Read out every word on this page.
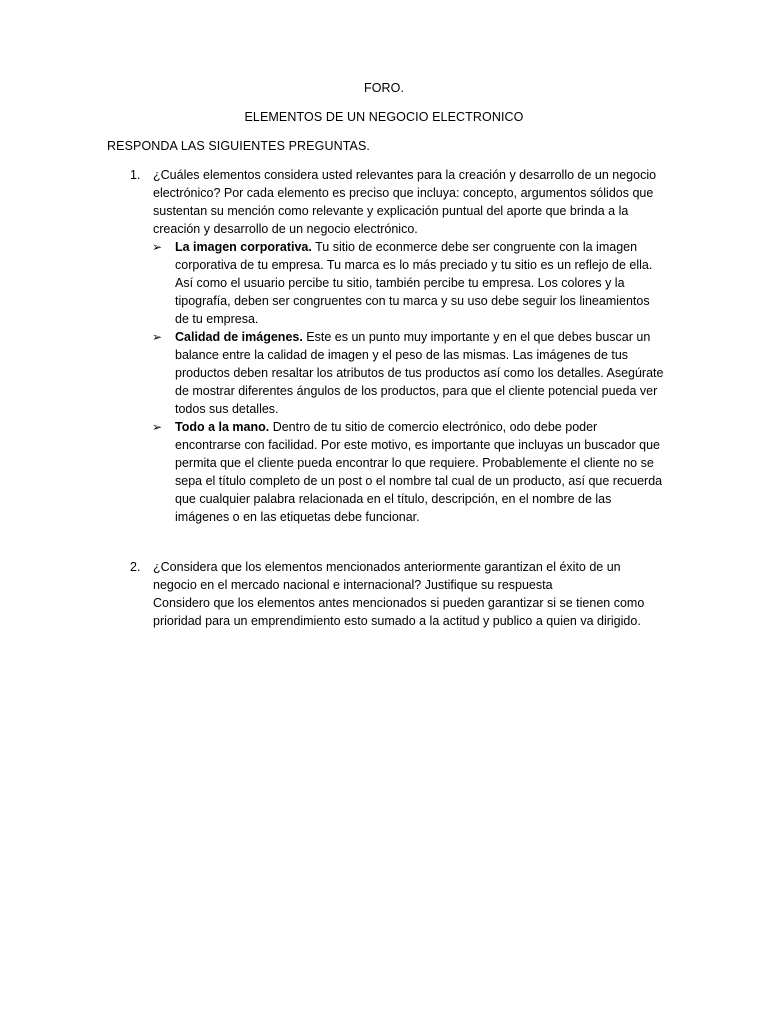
FORO.
ELEMENTOS DE UN NEGOCIO ELECTRONICO
RESPONDA LAS SIGUIENTES PREGUNTAS.
1. ¿Cuáles elementos considera usted relevantes para la creación y desarrollo de un negocio electrónico? Por cada elemento es preciso que incluya: concepto, argumentos sólidos que sustentan su mención como relevante y explicación puntual del aporte que brinda a la creación y desarrollo de un negocio electrónico.

➢ La imagen corporativa. Tu sitio de econmerce debe ser congruente con la imagen corporativa de tu empresa. Tu marca es lo más preciado y tu sitio es un reflejo de ella. Así como el usuario percibe tu sitio, también percibe tu empresa. Los colores y la tipografía, deben ser congruentes con tu marca y su uso debe seguir los lineamientos de tu empresa.

➢ Calidad de imágenes. Este es un punto muy importante y en el que debes buscar un balance entre la calidad de imagen y el peso de las mismas. Las imágenes de tus productos deben resaltar los atributos de tus productos así como los detalles. Asegúrate de mostrar diferentes ángulos de los productos, para que el cliente potencial pueda ver todos sus detalles.

➢ Todo a la mano. Dentro de tu sitio de comercio electrónico, odo debe poder encontrarse con facilidad. Por este motivo, es importante que incluyas un buscador que permita que el cliente pueda encontrar lo que requiere. Probablemente el cliente no se sepa el título completo de un post o el nombre tal cual de un producto, así que recuerda que cualquier palabra relacionada en el título, descripción, en el nombre de las imágenes o en las etiquetas debe funcionar.

2. ¿Considera que los elementos mencionados anteriormente garantizan el éxito de un negocio en el mercado nacional e internacional? Justifique su respuesta

Considero que los elementos antes mencionados si pueden garantizar si se tienen como prioridad para un emprendimiento esto sumado a la actitud y publico a quien va dirigido.
